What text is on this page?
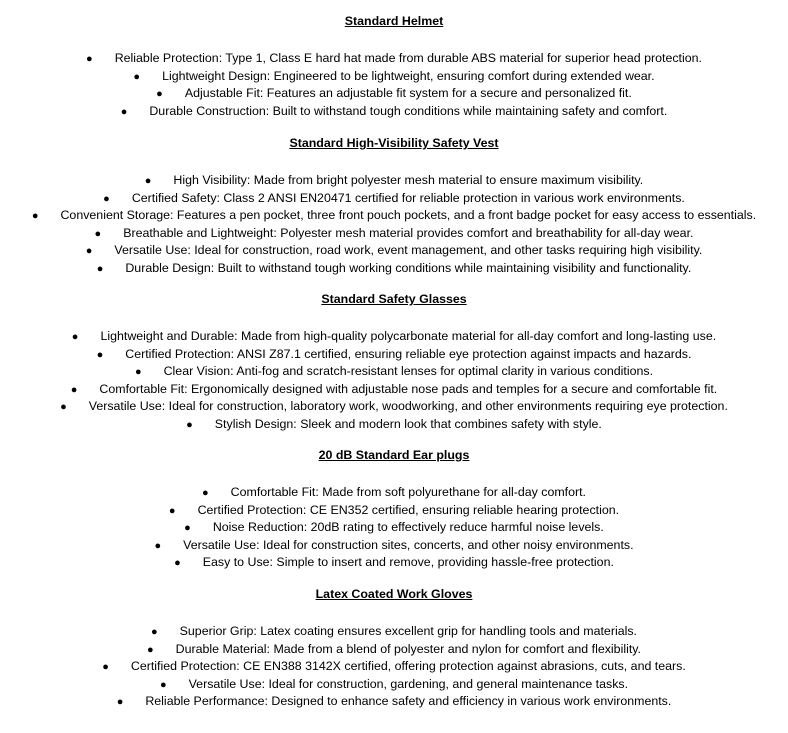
Standard Helmet

● Reliable Protection: Type 1, Class E hard hat made from durable ABS material for superior head protection.
● Lightweight Design: Engineered to be lightweight, ensuring comfort during extended wear.
● Adjustable Fit: Features an adjustable fit system for a secure and personalized fit.
● Durable Construction: Built to withstand tough conditions while maintaining safety and comfort.

Standard High-Visibility Safety Vest

● High Visibility: Made from bright polyester mesh material to ensure maximum visibility.
● Certified Safety: Class 2 ANSI EN20471 certified for reliable protection in various work environments.
● Convenient Storage: Features a pen pocket, three front pouch pockets, and a front badge pocket for easy access to essentials.
● Breathable and Lightweight: Polyester mesh material provides comfort and breathability for all-day wear.
● Versatile Use: Ideal for construction, road work, event management, and other tasks requiring high visibility.
● Durable Design: Built to withstand tough working conditions while maintaining visibility and functionality.

Standard Safety Glasses

● Lightweight and Durable: Made from high-quality polycarbonate material for all-day comfort and long-lasting use.
● Certified Protection: ANSI Z87.1 certified, ensuring reliable eye protection against impacts and hazards.
● Clear Vision: Anti-fog and scratch-resistant lenses for optimal clarity in various conditions.
● Comfortable Fit: Ergonomically designed with adjustable nose pads and temples for a secure and comfortable fit.
● Versatile Use: Ideal for construction, laboratory work, woodworking, and other environments requiring eye protection.
● Stylish Design: Sleek and modern look that combines safety with style.

20 dB Standard Ear plugs

● Comfortable Fit: Made from soft polyurethane for all-day comfort.
● Certified Protection: CE EN352 certified, ensuring reliable hearing protection.
● Noise Reduction: 20dB rating to effectively reduce harmful noise levels.
● Versatile Use: Ideal for construction sites, concerts, and other noisy environments.
● Easy to Use: Simple to insert and remove, providing hassle-free protection.

Latex Coated Work Gloves

● Superior Grip: Latex coating ensures excellent grip for handling tools and materials.
● Durable Material: Made from a blend of polyester and nylon for comfort and flexibility.
● Certified Protection: CE EN388 3142X certified, offering protection against abrasions, cuts, and tears.
● Versatile Use: Ideal for construction, gardening, and general maintenance tasks.
● Reliable Performance: Designed to enhance safety and efficiency in various work environments.
